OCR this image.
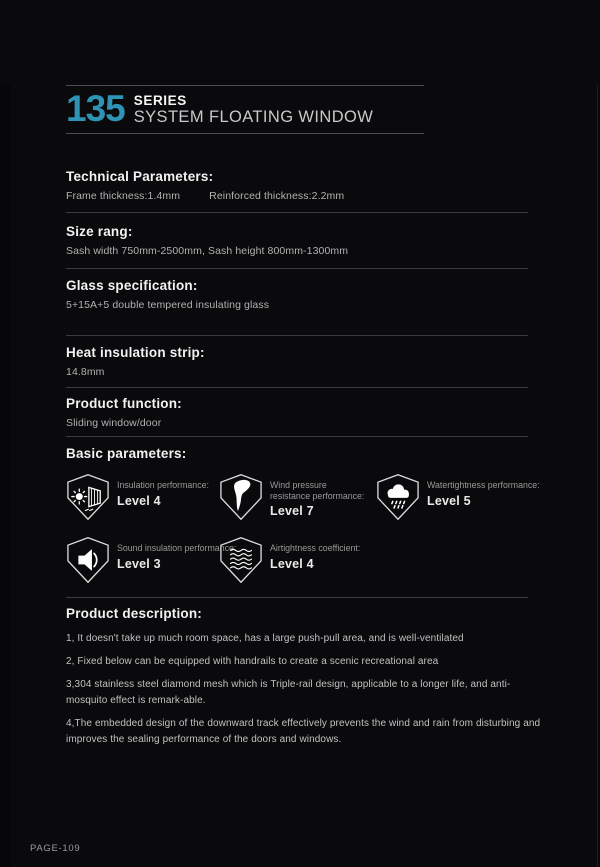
135 SERIES
SYSTEM FLOATING WINDOW
Technical Parameters:
Frame thickness:1.4mm	Reinforced thickness:2.2mm
Size rang:
Sash width 750mm-2500mm, Sash height 800mm-1300mm
Glass specification:
5+15A+5 double tempered insulating glass
Heat insulation strip:
14.8mm
Product function:
Sliding window/door
Basic parameters:
Insulation performance:
Level 4
Wind pressure resistance performance:
Level 7
Watertightness performance:
Level 5
Sound insulation performance:
Level 3
Airtightness coefficient:
Level 4
Product description:

1, It doesn't take up much room space, has a large push-pull area, and is well-ventilated

2, Fixed below can be equipped with handrails to create a scenic recreational area

3,304 stainless steel diamond mesh which is Triple-rail design, applicable to a longer life, and anti-mosquito effect is remark-able.

4,The embedded design of the downward track effectively prevents the wind and rain from disturbing and improves the sealing performance of the doors and windows.

PAGE-109
